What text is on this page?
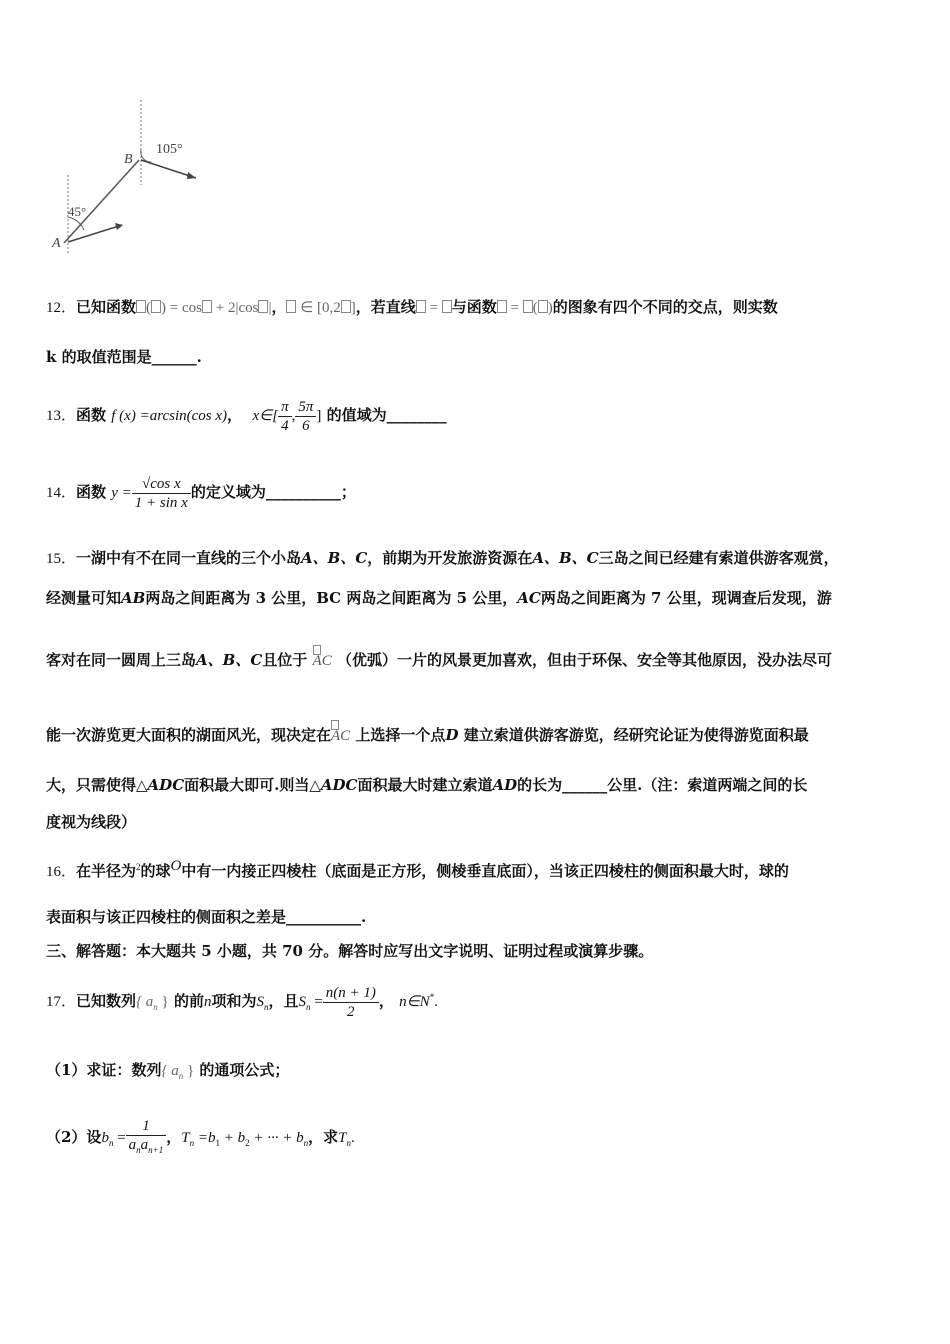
B
A
105°
45°
12．已知函数 ( ) = cos + 2|cos |， ∈ [0,2 ]，若直线 = 与函数 = ( )的图象有四个不同的交点，则实数
k 的取值范围是______.
13．函数 f (x) =arcsin(cos x)， x∈[ $\frac{\pi}{4}$ , $\frac{5\pi}{6}$ ] 的值域为________
14．函数 $y = \frac{\text{√cos x}}{\text{1 + sin x}}$ 的定义域为__________；
15．一湖中有不在同一直线的三个小岛A、B、C，前期为开发旅游资源在A、B、C三岛之间已经建有索道供游客观赏，
经测量可知AB两岛之间距离为 3 公里，BC 两岛之间距离为 5 公里，AC两岛之间距离为 7 公里，现调查后发现，游
客对在同一圆周上三岛A、B、C且位于 AC （优弧）一片的风景更加喜欢，但由于环保、安全等其他原因，没办法尽可
能一次游览更大面积的湖面风光，现决定在AC 上选择一个点D 建立索道供游客游览，经研究论证为使得游览面积最
大，只需使得△ADC面积最大即可.则当△ADC面积最大时建立索道AD的长为______公里.（注：索道两端之间的长
度视为线段）
16．在半径为$^2$的球$^O$中有一内接正四棱柱（底面是正方形，侧棱垂直底面），当该正四棱柱的侧面积最大时，球的
表面积与该正四棱柱的侧面积之差是__________.
三、解答题：本大题共 5 小题，共 70 分。解答时应写出文字说明、证明过程或演算步骤。
17．已知数列{ $a_n$ } 的前n项和为$S_n$，且$S_n = \frac{n(n + 1)}{2}$ ， n∈N*.
（1）求证：数列{ $a_n$ } 的通项公式；
（2）设$b_n = \frac{1}{a_na_{n+1}}$ ，$T_n =b_1 + b_2$ + ··· + $b_n$，求$T_n$.
